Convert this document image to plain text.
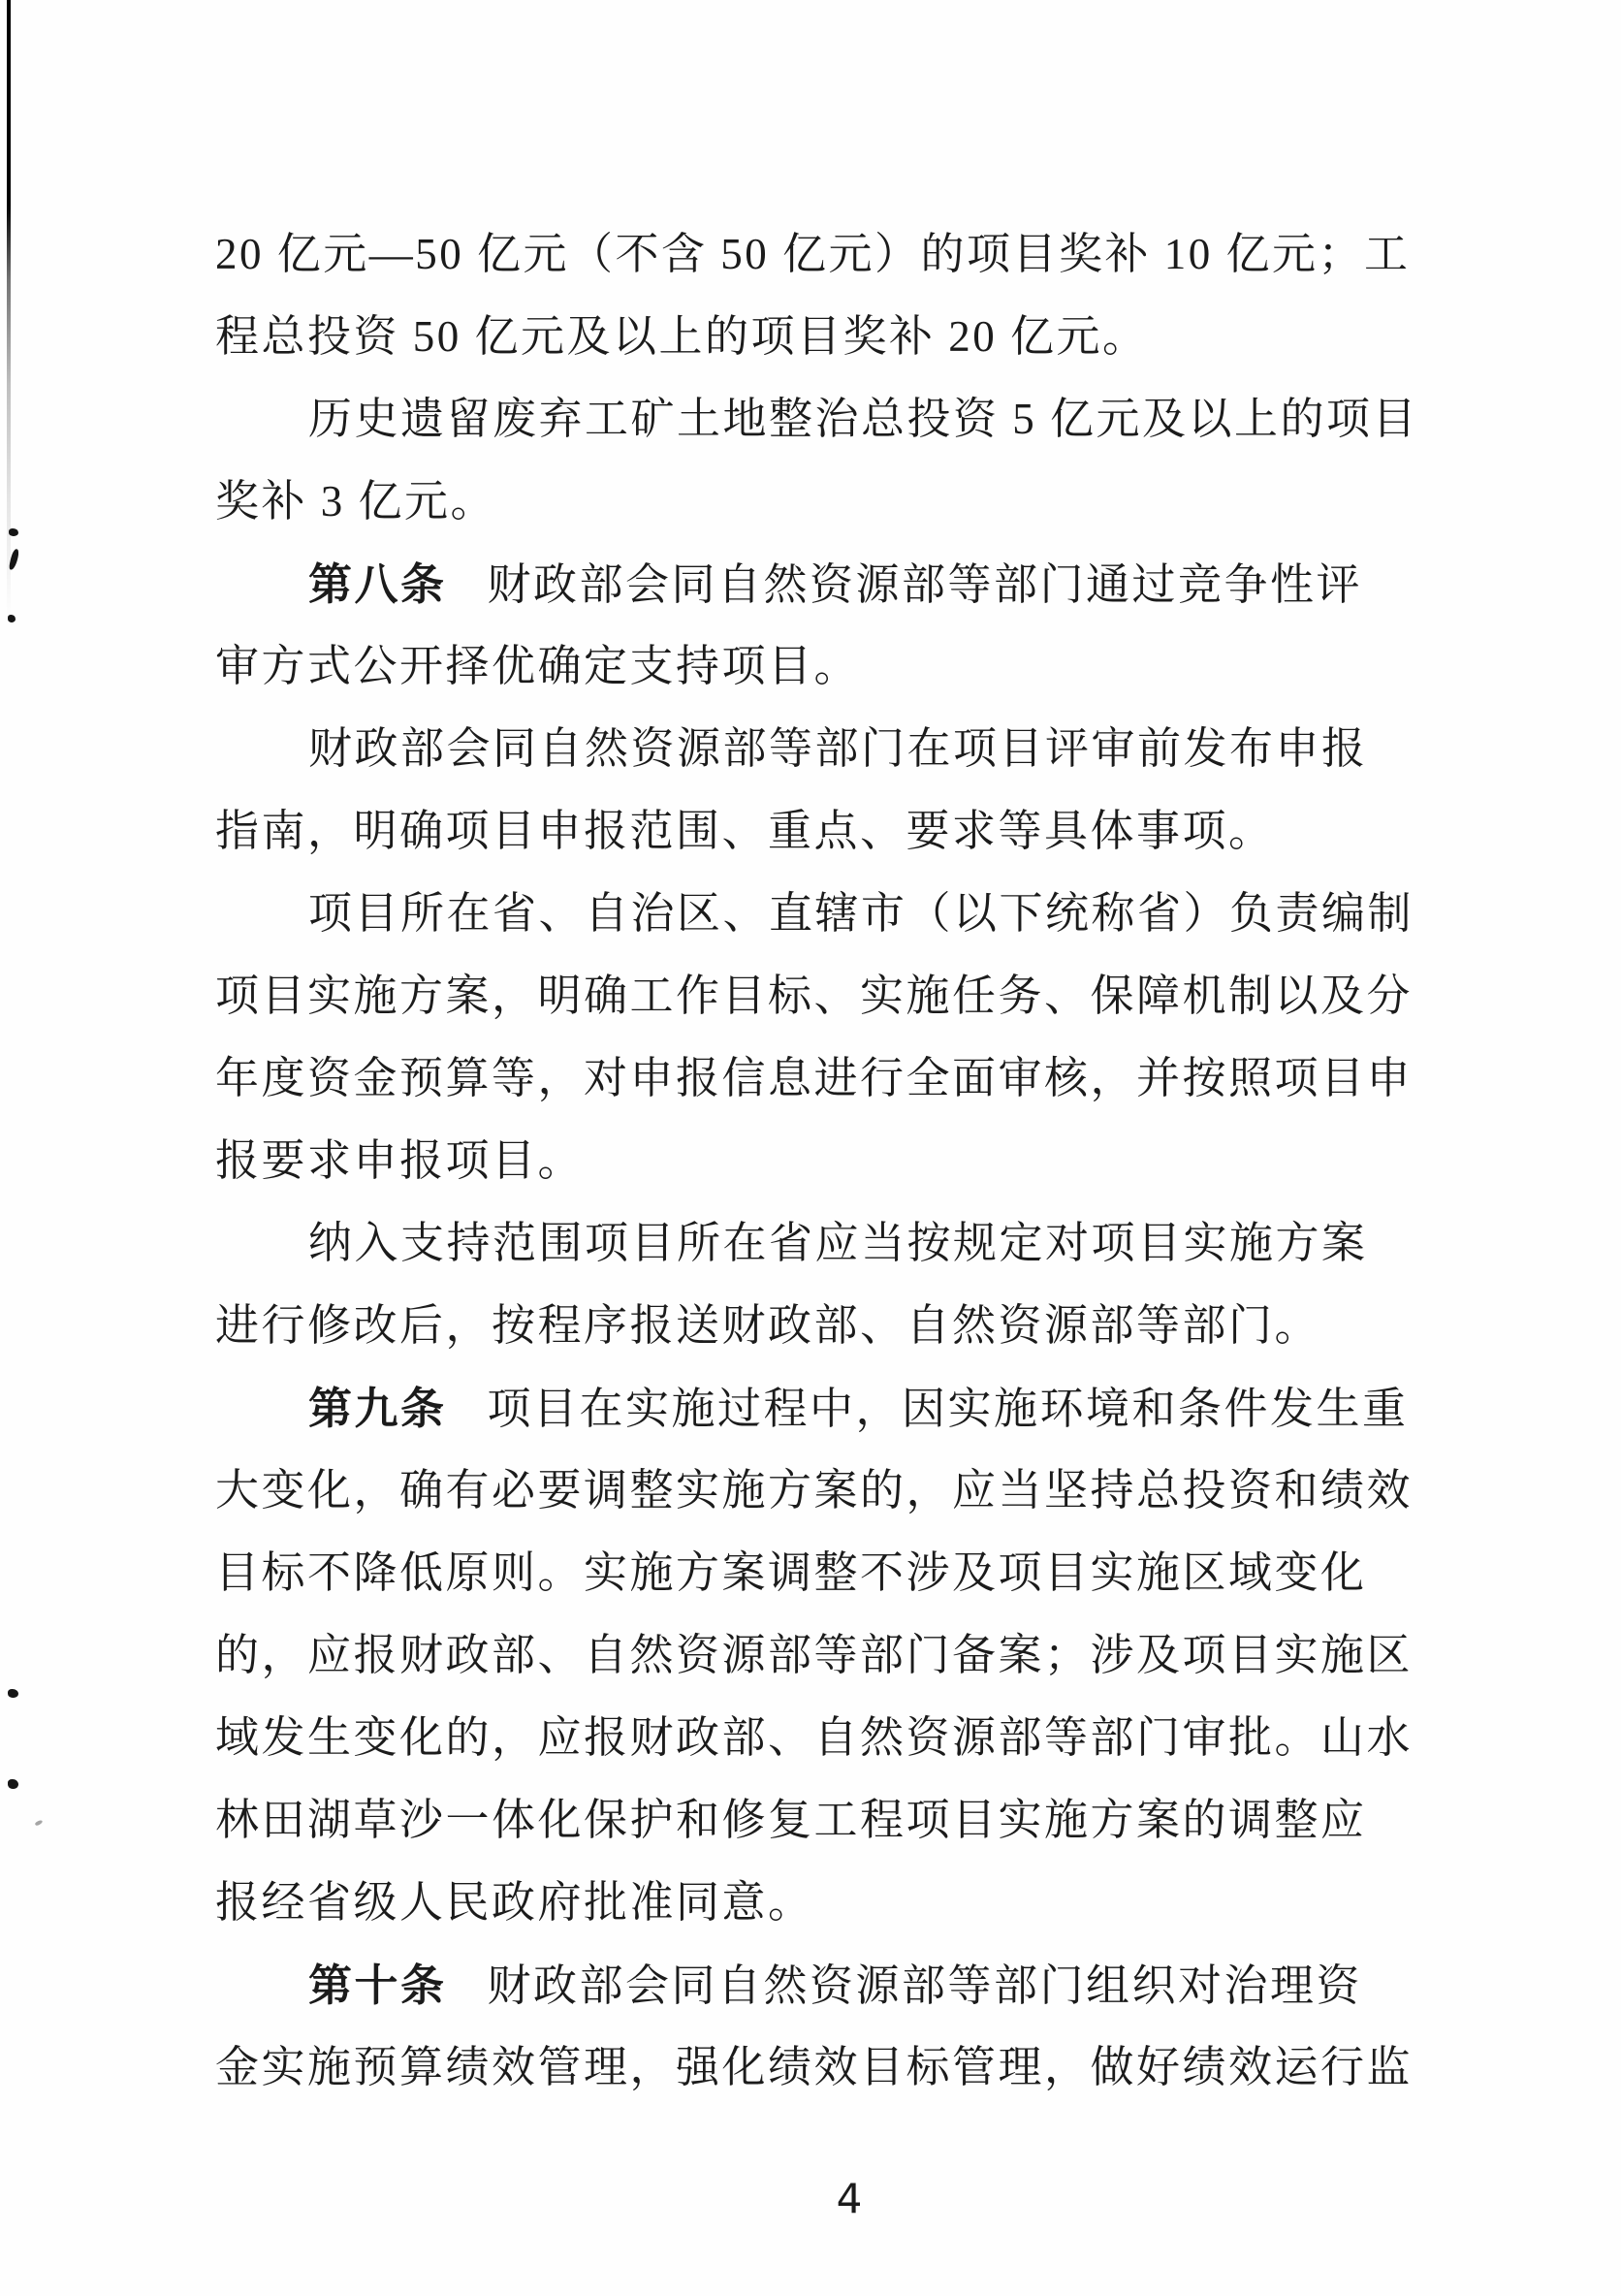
20 亿元—50 亿元（不含 50 亿元）的项目奖补 10 亿元；工
程总投资 50 亿元及以上的项目奖补 20 亿元。
历史遗留废弃工矿土地整治总投资 5 亿元及以上的项目
奖补 3 亿元。
第八条 财政部会同自然资源部等部门通过竞争性评
审方式公开择优确定支持项目。
财政部会同自然资源部等部门在项目评审前发布申报
指南，明确项目申报范围、重点、要求等具体事项。
项目所在省、自治区、直辖市（以下统称省）负责编制
项目实施方案，明确工作目标、实施任务、保障机制以及分
年度资金预算等，对申报信息进行全面审核，并按照项目申
报要求申报项目。
纳入支持范围项目所在省应当按规定对项目实施方案
进行修改后，按程序报送财政部、自然资源部等部门。
第九条 项目在实施过程中，因实施环境和条件发生重
大变化，确有必要调整实施方案的，应当坚持总投资和绩效
目标不降低原则。实施方案调整不涉及项目实施区域变化
的，应报财政部、自然资源部等部门备案；涉及项目实施区
域发生变化的，应报财政部、自然资源部等部门审批。山水
林田湖草沙一体化保护和修复工程项目实施方案的调整应
报经省级人民政府批准同意。
第十条 财政部会同自然资源部等部门组织对治理资
金实施预算绩效管理，强化绩效目标管理，做好绩效运行监
4
